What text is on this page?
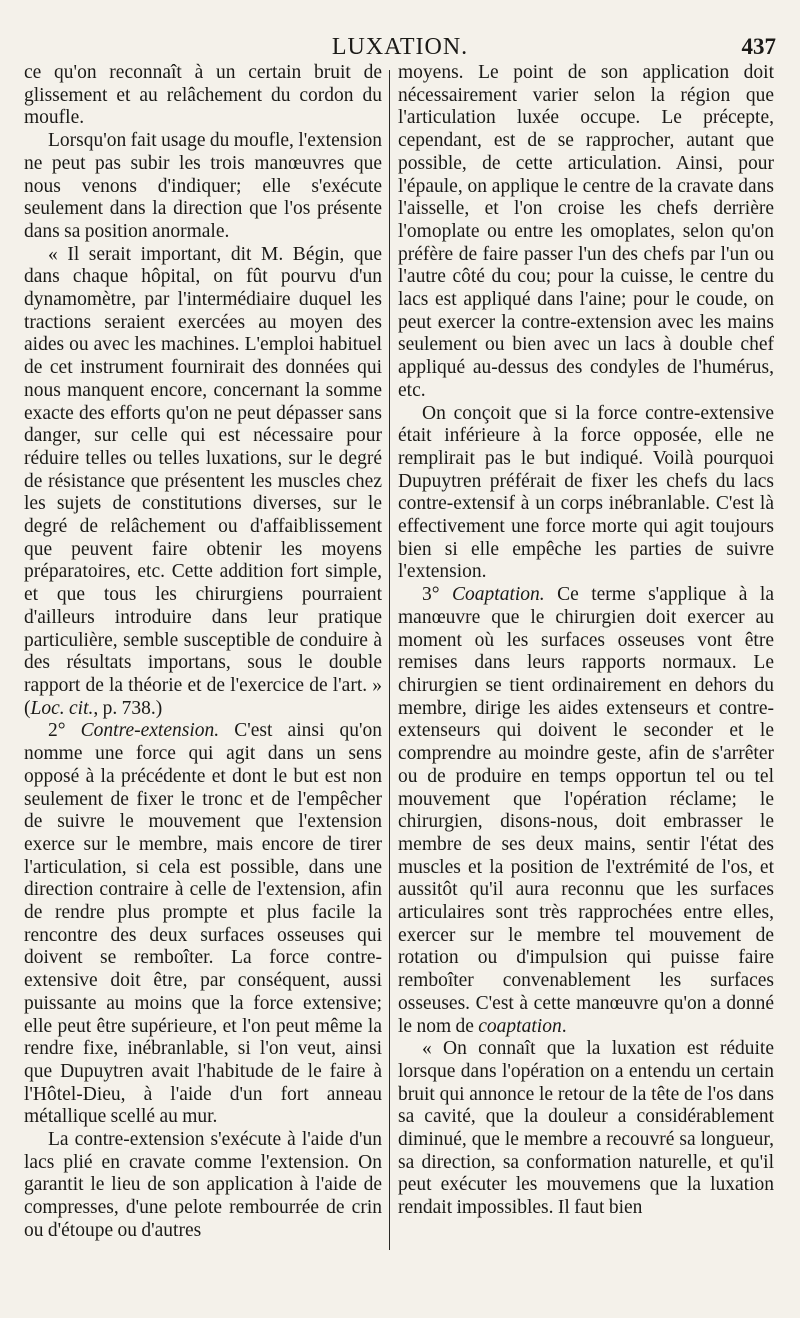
LUXATION.	437

ce qu'on reconnaît à un certain bruit de glissement et au relâchement du cordon du moufle.

Lorsqu'on fait usage du moufle, l'extension ne peut pas subir les trois manœuvres que nous venons d'indiquer; elle s'exécute seulement dans la direction que l'os présente dans sa position anormale.

« Il serait important, dit M. Bégin, que dans chaque hôpital, on fût pourvu d'un dynamomètre, par l'intermédiaire duquel les tractions seraient exercées au moyen des aides ou avec les machines. L'emploi habituel de cet instrument fournirait des données qui nous manquent encore, concernant la somme exacte des efforts qu'on ne peut dépasser sans danger, sur celle qui est nécessaire pour réduire telles ou telles luxations, sur le degré de résistance que présentent les muscles chez les sujets de constitutions diverses, sur le degré de relâchement ou d'affaiblissement que peuvent faire obtenir les moyens préparatoires, etc. Cette addition fort simple, et que tous les chirurgiens pourraient d'ailleurs introduire dans leur pratique particulière, semble susceptible de conduire à des résultats importans, sous le double rapport de la théorie et de l'exercice de l'art. » (Loc. cit., p. 738.)

2° Contre-extension. C'est ainsi qu'on nomme une force qui agit dans un sens opposé à la précédente et dont le but est non seulement de fixer le tronc et de l'empêcher de suivre le mouvement que l'extension exerce sur le membre, mais encore de tirer l'articulation, si cela est possible, dans une direction contraire à celle de l'extension, afin de rendre plus prompte et plus facile la rencontre des deux surfaces osseuses qui doivent se remboîter. La force contre-extensive doit être, par conséquent, aussi puissante au moins que la force extensive; elle peut être supérieure, et l'on peut même la rendre fixe, inébranlable, si l'on veut, ainsi que Dupuytren avait l'habitude de le faire à l'Hôtel-Dieu, à l'aide d'un fort anneau métallique scellé au mur.

La contre-extension s'exécute à l'aide d'un lacs plié en cravate comme l'extension. On garantit le lieu de son application à l'aide de compresses, d'une pelote rembourrée de crin ou d'étoupe ou d'autres

moyens. Le point de son application doit nécessairement varier selon la région que l'articulation luxée occupe. Le précepte, cependant, est de se rapprocher, autant que possible, de cette articulation. Ainsi, pour l'épaule, on applique le centre de la cravate dans l'aisselle, et l'on croise les chefs derrière l'omoplate ou entre les omoplates, selon qu'on préfère de faire passer l'un des chefs par l'un ou l'autre côté du cou; pour la cuisse, le centre du lacs est appliqué dans l'aine; pour le coude, on peut exercer la contre-extension avec les mains seulement ou bien avec un lacs à double chef appliqué au-dessus des condyles de l'humérus, etc.

On conçoit que si la force contre-extensive était inférieure à la force opposée, elle ne remplirait pas le but indiqué. Voilà pourquoi Dupuytren préférait de fixer les chefs du lacs contre-extensif à un corps inébranlable. C'est là effectivement une force morte qui agit toujours bien si elle empêche les parties de suivre l'extension.

3° Coaptation. Ce terme s'applique à la manœuvre que le chirurgien doit exercer au moment où les surfaces osseuses vont être remises dans leurs rapports normaux. Le chirurgien se tient ordinairement en dehors du membre, dirige les aides extenseurs et contre-extenseurs qui doivent le seconder et le comprendre au moindre geste, afin de s'arrêter ou de produire en temps opportun tel ou tel mouvement que l'opération réclame; le chirurgien, disons-nous, doit embrasser le membre de ses deux mains, sentir l'état des muscles et la position de l'extrémité de l'os, et aussitôt qu'il aura reconnu que les surfaces articulaires sont très rapprochées entre elles, exercer sur le membre tel mouvement de rotation ou d'impulsion qui puisse faire remboîter convenablement les surfaces osseuses. C'est à cette manœuvre qu'on a donné le nom de coaptation.

« On connaît que la luxation est réduite lorsque dans l'opération on a entendu un certain bruit qui annonce le retour de la tête de l'os dans sa cavité, que la douleur a considérablement diminué, que le membre a recouvré sa longueur, sa direction, sa conformation naturelle, et qu'il peut exécuter les mouvemens que la luxation rendait impossibles. Il faut bien
